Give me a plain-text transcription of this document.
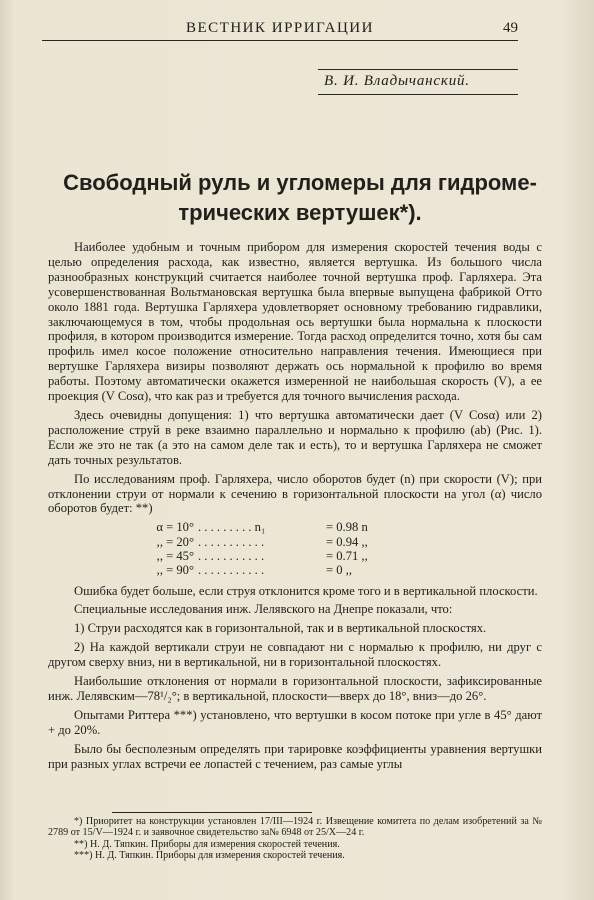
ВЕСТНИК ИРРИГАЦИИ	49
В. И. Владычанский.
Свободный руль и угломеры для гидроме-
трических вертушек*).

Наиболее удобным и точным прибором для измерения скоростей течения воды с целью определения расхода, как известно, является вертушка. Из большого числа разнообразных конструкций считается наиболее точной вертушка проф. Гарляхера. Эта усовершенствованная Вольтмановская вертушка была впервые выпущена фабрикой Отто около 1881 года. Вертушка Гарляхера удовлетворяет основному требованию гидравлики, заключающемуся в том, чтобы продольная ось вертушки была нормальна к плоскости профиля, в котором производится измерение. Тогда расход определится точно, хотя бы сам профиль имел косое положение относительно направления течения. Имеющиеся при вертушке Гарляхера визиры позволяют держать ось нормальной к профилю во время работы. Поэтому автоматически окажется измеренной не наибольшая скорость (V), а ее проекция (V Cosα), что как раз и требуется для точного вычисления расхода.

Здесь очевидны допущения: 1) что вертушка автоматически дает (V Cosα) или 2) расположение струй в реке взаимно параллельно и нормально к профилю (ab) (Рис. 1). Если же это не так (а это на самом деле так и есть), то и вертушка Гарляхера не сможет дать точных результатов.

По исследованиям проф. Гарляхера, число оборотов будет (n) при скорости (V); при отклонении струи от нормали к сечению в горизонтальной плоскости на угол (α) число оборотов будет: **)

α = 10° . . . . . . . . . n₁	= 0.98 n
,, = 20° . . . . . . . . . . .	= 0.94 ,,
,, = 45° . . . . . . . . . . .	= 0.71 ,,
,, = 90° . . . . . . . . . . .	= 0 ,,

Ошибка будет больше, если струя отклонится кроме того и в вертикальной плоскости.

Специальные исследования инж. Лелявского на Днепре показали, что:

1) Струи расходятся как в горизонтальной, так и в вертикальной плоскостях.

2) На каждой вертикали струи не совпадают ни с нормалью к профилю, ни друг с другом сверху вниз, ни в вертикальной, ни в горизонтальной плоскостях.

Наибольшие отклонения от нормали в горизонтальной плоскости, зафиксированные инж. Лелявским—78¹/₂°; в вертикальной, плоскости—вверх до 18°, вниз—до 26°.

Опытами Риттера ***) установлено, что вертушки в косом потоке при угле в 45° дают + до 20%.

Было бы бесполезным определять при тарировке коэффициенты уравнения вертушки при разных углах встречи ее лопастей с течением, раз самые углы

*) Приоритет на конструкции установлен 17/III—1924 г. Извещение комитета по делам изобретений за № 2789 от 15/V—1924 г. и заявочное свидетельство за№ 6948 от 25/X—24 г.

**) Н. Д. Тяпкин. Приборы для измерения скоростей течения.

***) Н. Д. Тяпкин. Приборы для измерения скоростей течения.
